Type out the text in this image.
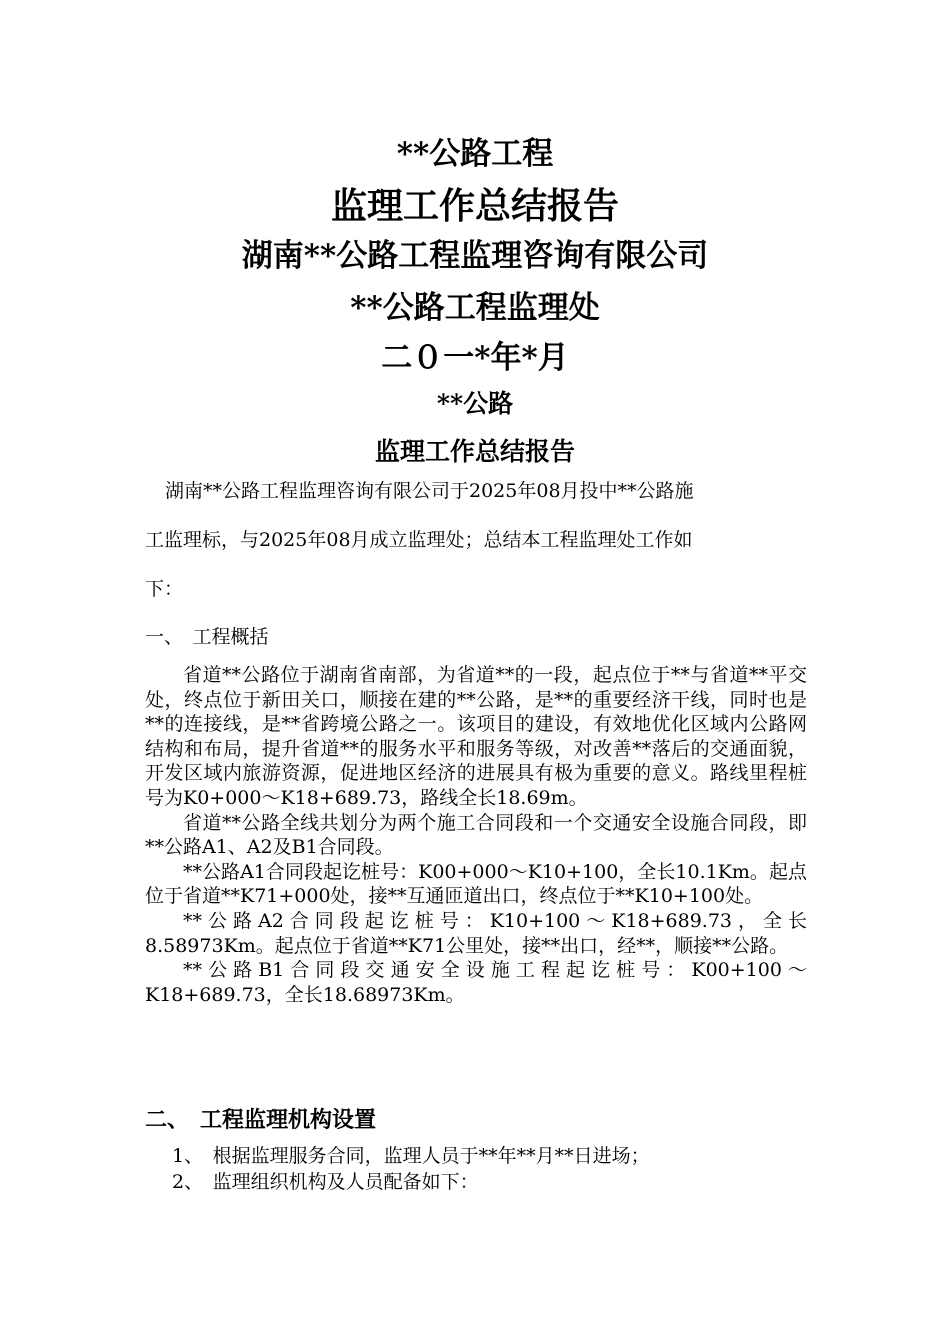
**公路工程
监理工作总结报告
湖南**公路工程监理咨询有限公司
**公路工程监理处
二０一*年*月
**公路
监理工作总结报告
湖南**公路工程监理咨询有限公司于2025年08月投中**公路施
工监理标，与2025年08月成立监理处；总结本工程监理处工作如
下：
一、　工程概括

省道**公路位于湖南省南部，为省道**的一段，起点位于**与省道**平交处，终点位于新田关口，顺接在建的**公路，是**的重要经济干线，同时也是**的连接线，是**省跨境公路之一。该项目的建设，有效地优化区域内公路网结构和布局，提升省道**的服务水平和服务等级，对改善**落后的交通面貌，开发区域内旅游资源，促进地区经济的进展具有极为重要的意义。路线里程桩号为K0+000～K18+689.73，路线全长18.69m。

省道**公路全线共划分为两个施工合同段和一个交通安全设施合同段，即**公路A1、A2及B1合同段。

**公路A1合同段起讫桩号：K00+000～K10+100，全长10.1Km。起点位于省道**K71+000处，接**互通匝道出口，终点位于**K10+100处。

**公路A2合同段起讫桩号：K10+100～K18+689.73，全长8.58973Km。起点位于省道**K71公里处，接**出口，经**，顺接**公路。

**公路B1合同段交通安全设施工程起讫桩号：K00+100～K18+689.73，全长18.68973Km。

二、　工程监理机构设置
1、　根据监理服务合同，监理人员于**年**月**日进场；
2、　监理组织机构及人员配备如下：
